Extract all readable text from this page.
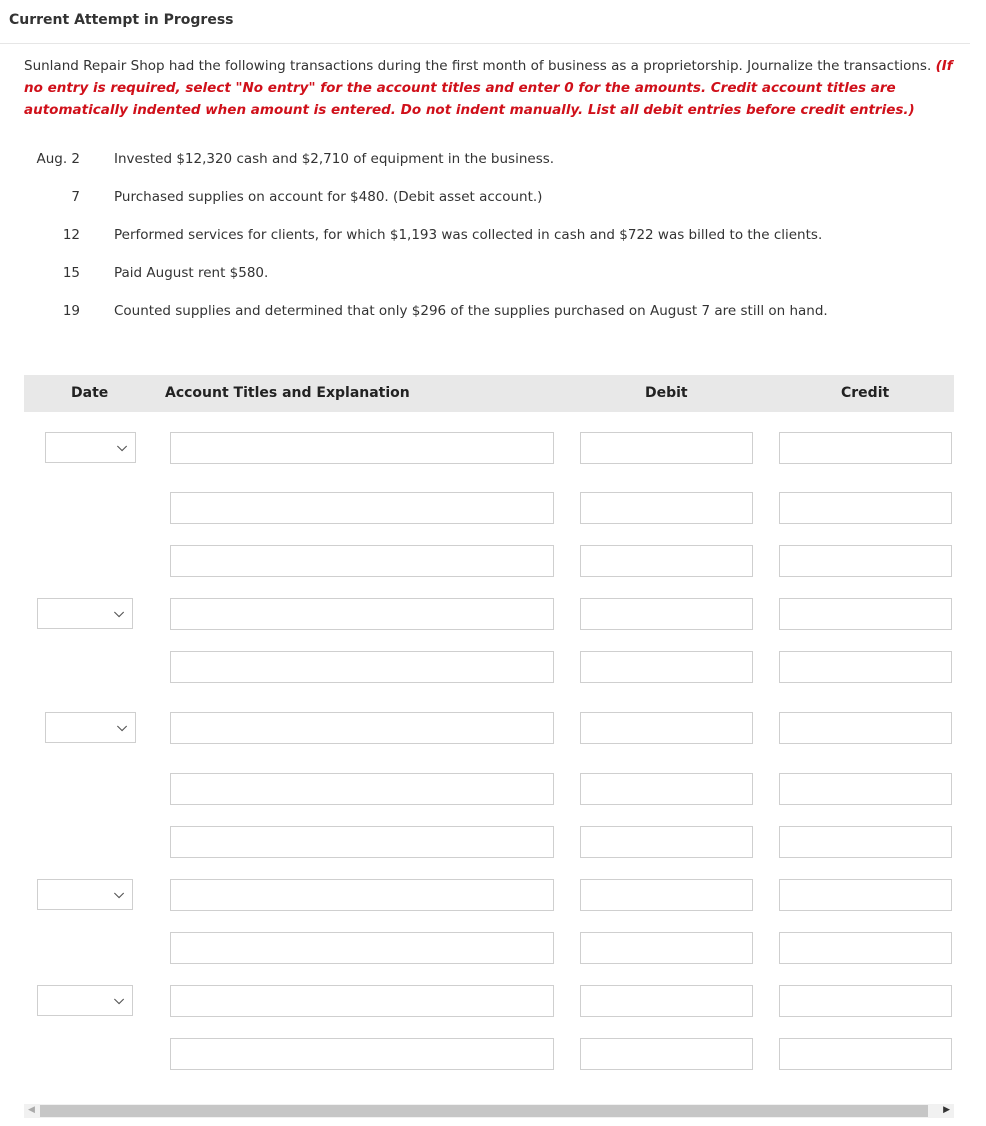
Current Attempt in Progress
Sunland Repair Shop had the following transactions during the first month of business as a proprietorship. Journalize the transactions. (If no entry is required, select "No entry" for the account titles and enter 0 for the amounts. Credit account titles are automatically indented when amount is entered. Do not indent manually. List all debit entries before credit entries.)
Aug. 2	Invested $12,320 cash and $2,710 of equipment in the business.
7	Purchased supplies on account for $480. (Debit asset account.)
12	Performed services for clients, for which $1,193 was collected in cash and $722 was billed to the clients.
15	Paid August rent $580.
19	Counted supplies and determined that only $296 of the supplies purchased on August 7 are still on hand.
Date	Account Titles and Explanation	Debit	Credit
⌵
⌵
⌵
⌵
⌵
◀	▶
